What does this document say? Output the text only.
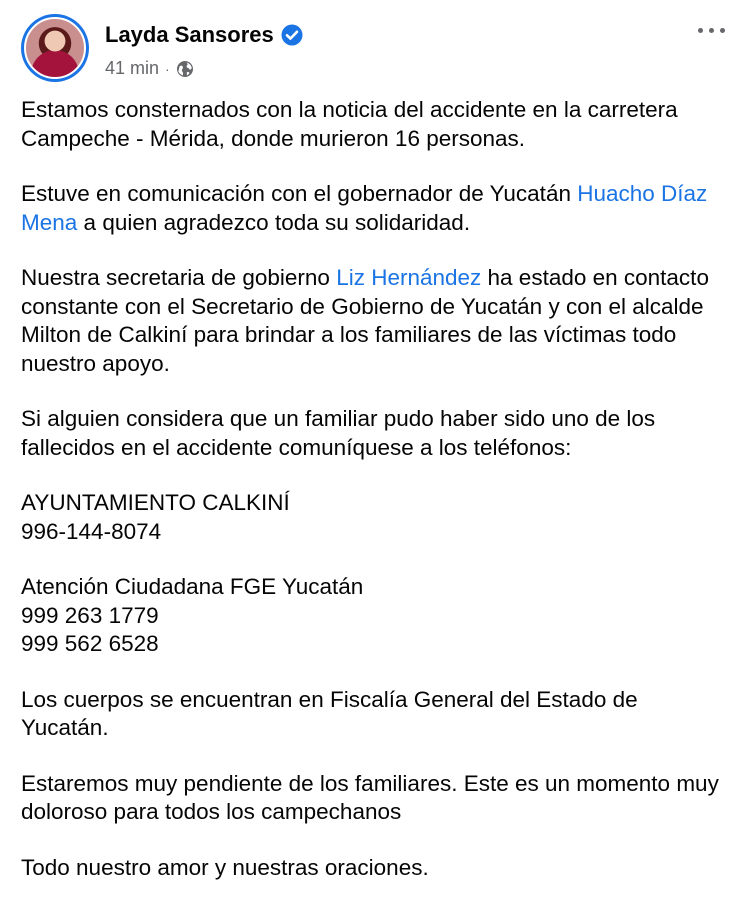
Layda Sansores
41 min ·

Estamos consternados con la noticia del accidente en la carretera Campeche - Mérida, donde murieron 16 personas.

Estuve en comunicación con el gobernador de Yucatán Huacho Díaz Mena a quien agradezco toda su solidaridad.

Nuestra secretaria de gobierno Liz Hernández ha estado en contacto constante con el Secretario de Gobierno de Yucatán y con el alcalde Milton de Calkiní para brindar a los familiares de las víctimas todo nuestro apoyo.

Si alguien considera que un familiar pudo haber sido uno de los fallecidos en el accidente comuníquese a los teléfonos:

AYUNTAMIENTO CALKINÍ
996-144-8074

Atención Ciudadana FGE Yucatán
999 263 1779
999 562 6528

Los cuerpos se encuentran en Fiscalía General del Estado de Yucatán.

Estaremos muy pendiente de los familiares. Este es un momento muy doloroso para todos los campechanos

Todo nuestro amor y nuestras oraciones.
